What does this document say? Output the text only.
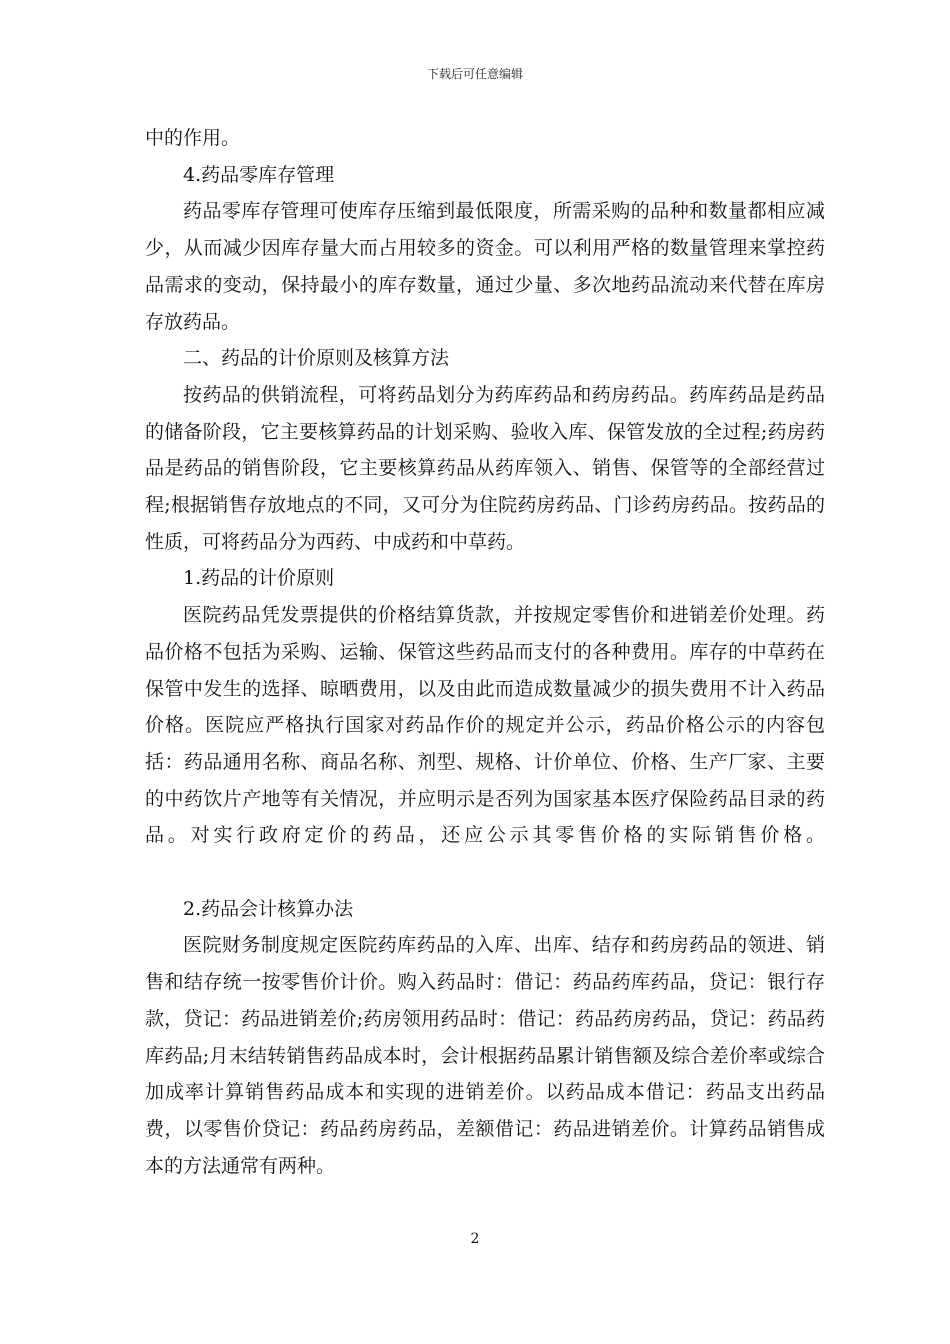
下载后可任意编辑

中的作用。

4.药品零库存管理

药品零库存管理可使库存压缩到最低限度，所需采购的品种和数量都相应减少，从而减少因库存量大而占用较多的资金。可以利用严格的数量管理来掌控药品需求的变动，保持最小的库存数量，通过少量、多次地药品流动来代替在库房存放药品。

二、药品的计价原则及核算方法

按药品的供销流程，可将药品划分为药库药品和药房药品。药库药品是药品的储备阶段，它主要核算药品的计划采购、验收入库、保管发放的全过程;药房药品是药品的销售阶段，它主要核算药品从药库领入、销售、保管等的全部经营过程;根据销售存放地点的不同，又可分为住院药房药品、门诊药房药品。按药品的性质，可将药品分为西药、中成药和中草药。

1.药品的计价原则

医院药品凭发票提供的价格结算货款，并按规定零售价和进销差价处理。药品价格不包括为采购、运输、保管这些药品而支付的各种费用。库存的中草药在保管中发生的选择、晾晒费用，以及由此而造成数量减少的损失费用不计入药品价格。医院应严格执行国家对药品作价的规定并公示，药品价格公示的内容包括：药品通用名称、商品名称、剂型、规格、计价单位、价格、生产厂家、主要的中药饮片产地等有关情况，并应明示是否列为国家基本医疗保险药品目录的药品。对实行政府定价的药品，还应公示其零售价格的实际销售价格。

2.药品会计核算办法

医院财务制度规定医院药库药品的入库、出库、结存和药房药品的领进、销售和结存统一按零售价计价。购入药品时：借记：药品药库药品，贷记：银行存款，贷记：药品进销差价;药房领用药品时：借记：药品药房药品，贷记：药品药库药品;月末结转销售药品成本时，会计根据药品累计销售额及综合差价率或综合加成率计算销售药品成本和实现的进销差价。以药品成本借记：药品支出药品费，以零售价贷记：药品药房药品，差额借记：药品进销差价。计算药品销售成本的方法通常有两种。

2
